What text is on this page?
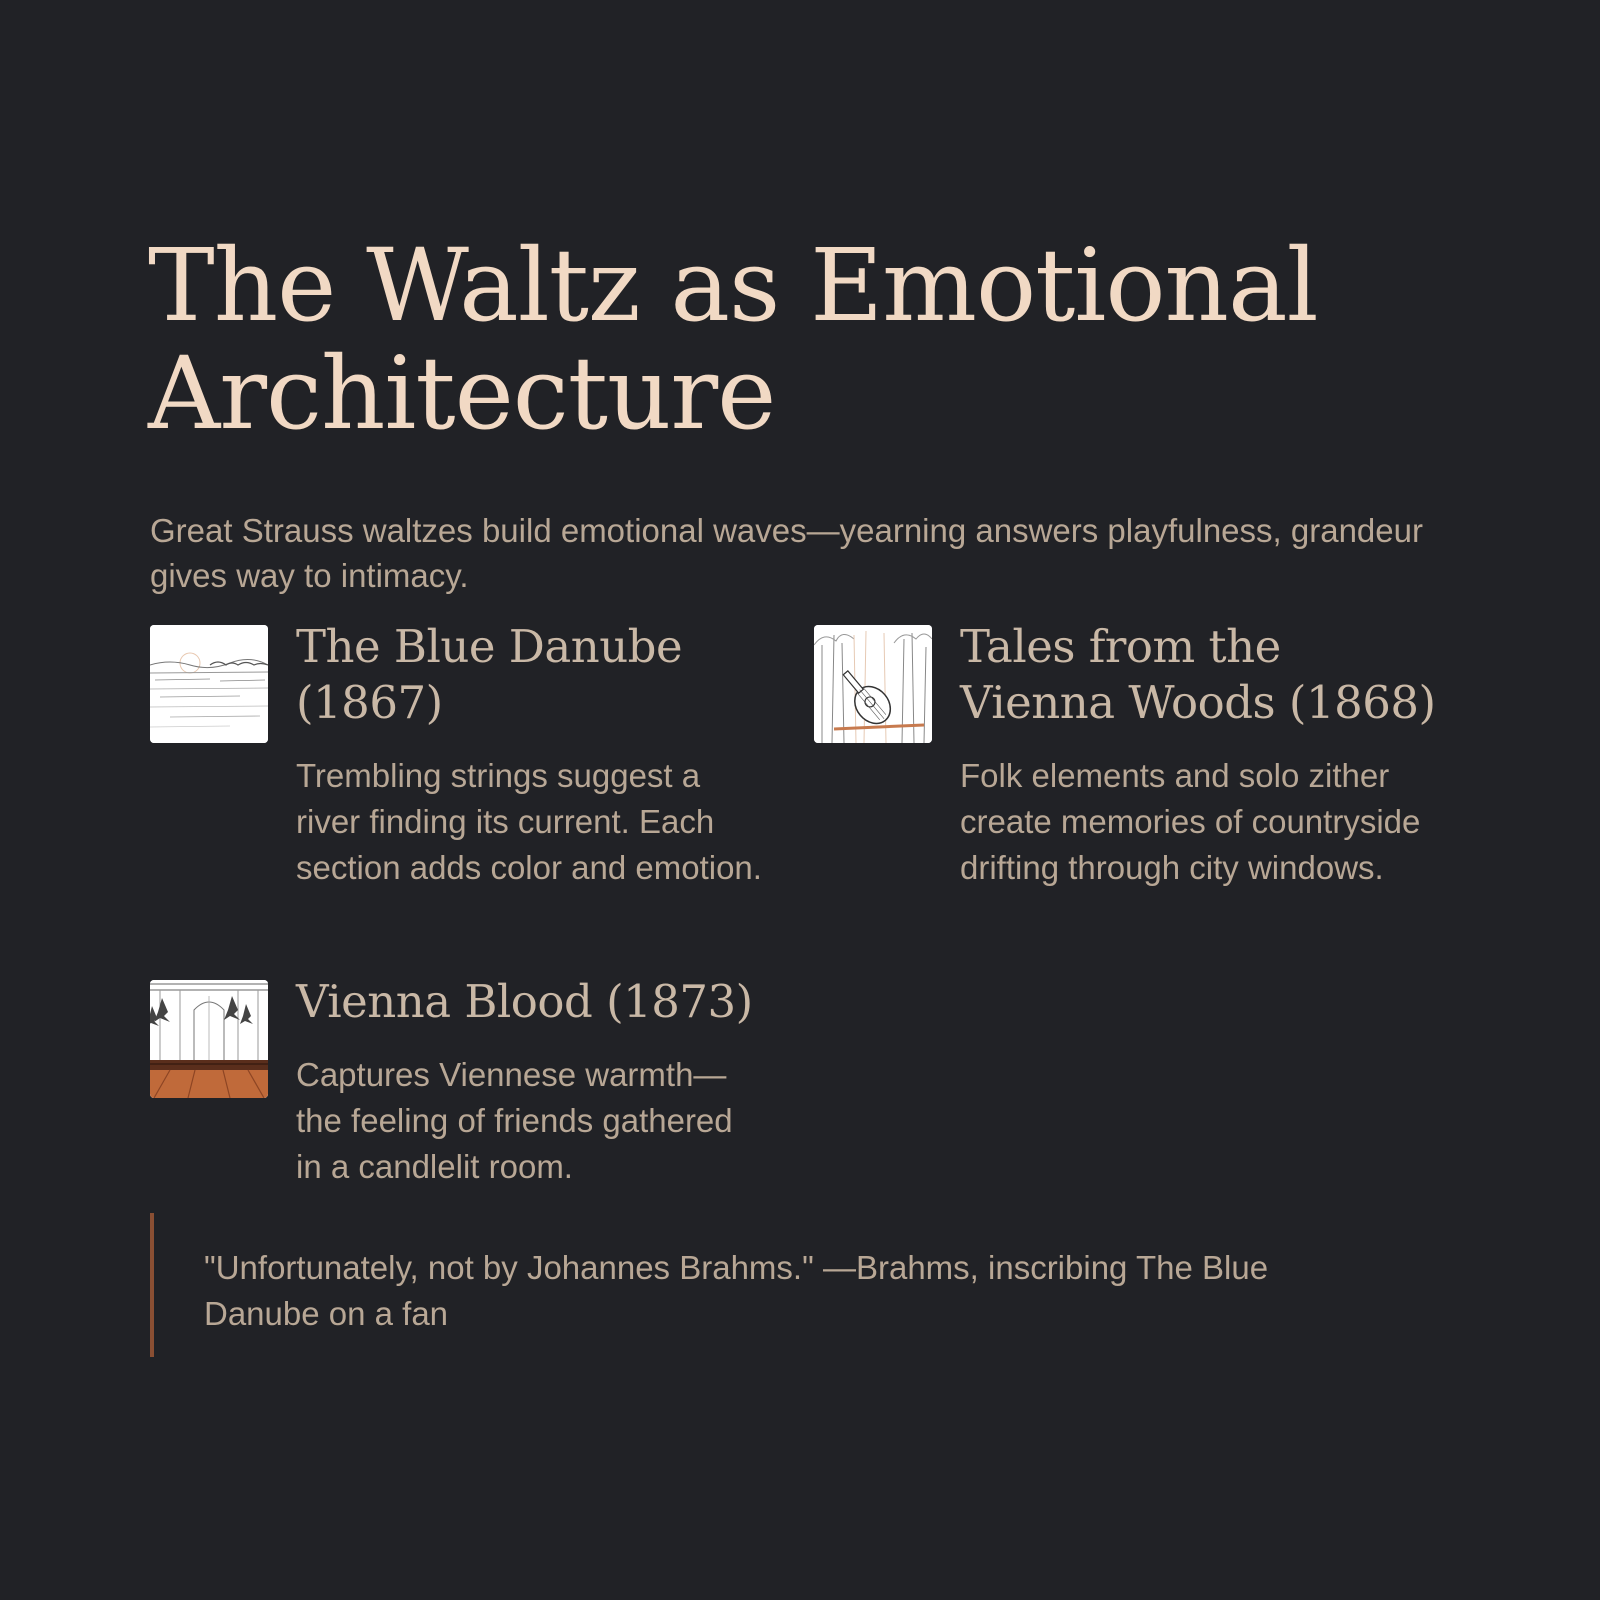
The Waltz as Emotional Architecture

Great Strauss waltzes build emotional waves—yearning answers playfulness, grandeur gives way to intimacy.

The Blue Danube (1867)

Trembling strings suggest a river finding its current. Each section adds color and emotion.

Tales from the Vienna Woods (1868)

Folk elements and solo zither create memories of countryside drifting through city windows.

Vienna Blood (1873)

Captures Viennese warmth—the feeling of friends gathered in a candlelit room.

"Unfortunately, not by Johannes Brahms." —Brahms, inscribing The Blue Danube on a fan
